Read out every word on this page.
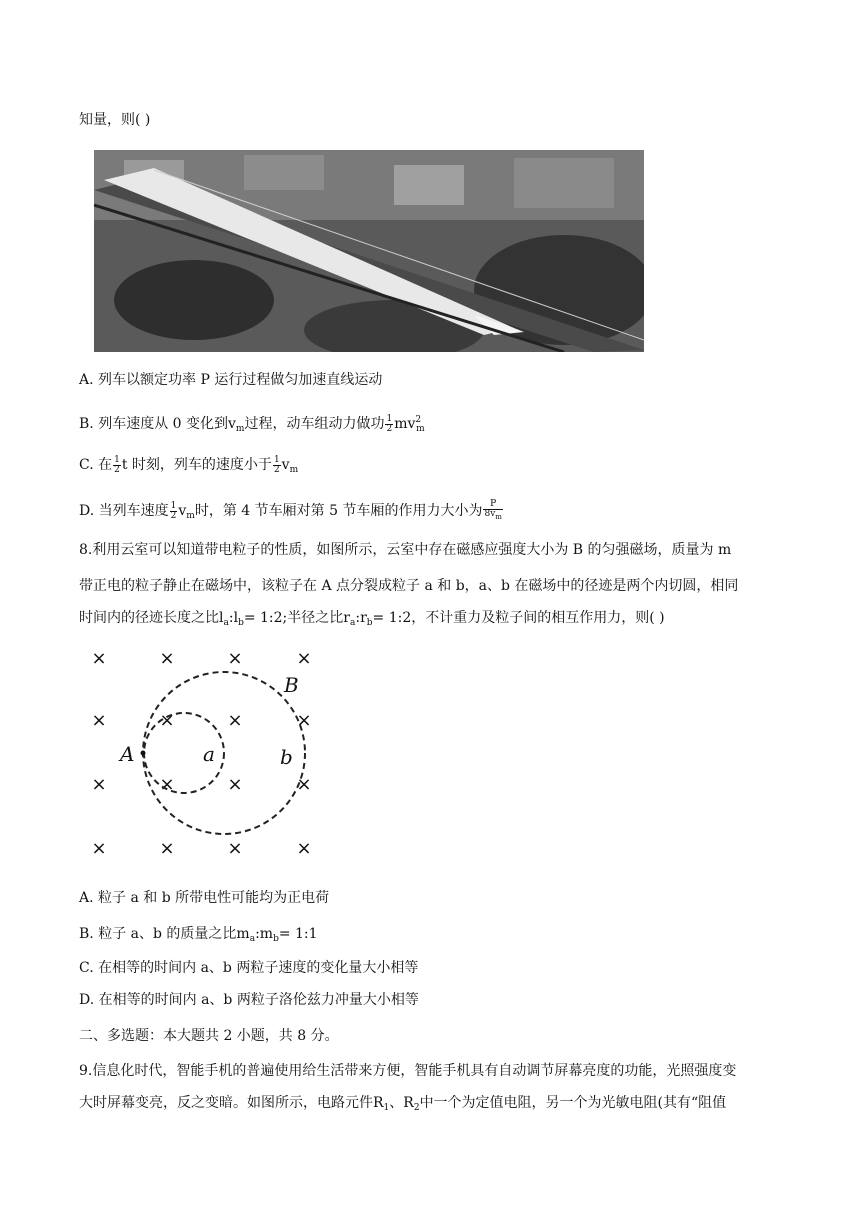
知量，则( )
A. 列车以额定功率 P 运行过程做匀加速直线运动
B. 列车速度从 0 变化到$v_m$过程，动车组动力做功 $\frac{1}{2} mv^2_m$
C. 在 $\frac{1}{2}$ t 时刻，列车的速度小于 $\frac{1}{2} v_m$
D. 当列车速度 $\frac{1}{2} v_m$时，第 4 节车厢对第 5 节车厢的作用力大小为 $\frac{P}{8v_m}$
8.利用云室可以知道带电粒子的性质，如图所示，云室中存在磁感应强度大小为 B 的匀强磁场，质量为 m
带正电的粒子静止在磁场中，该粒子在 A 点分裂成粒子 a 和 b，a、b 在磁场中的径迹是两个内切圆，相同
时间内的径迹长度之比$l_a:l_b=$ 1:2;半径之比$r_a:r_b=$ 1:2，不计重力及粒子间的相互作用力，则( )
×	×	×	×
×	×	×	×
×	×	×	×
×	×	×	×
A
B
a	b
A. 粒子 a 和 b 所带电性可能均为正电荷
B. 粒子 a、b 的质量之比$m_a:m_b=$ 1:1
C. 在相等的时间内 a、b 两粒子速度的变化量大小相等
D. 在相等的时间内 a、b 两粒子洛伦兹力冲量大小相等
二、多选题：本大题共 2 小题，共 8 分。
9.信息化时代，智能手机的普遍使用给生活带来方便，智能手机具有自动调节屏幕亮度的功能，光照强度变
大时屏幕变亮，反之变暗。如图所示，电路元件$R_1$、$R_2$中一个为定值电阻，另一个为光敏电阻(其有“阻值
